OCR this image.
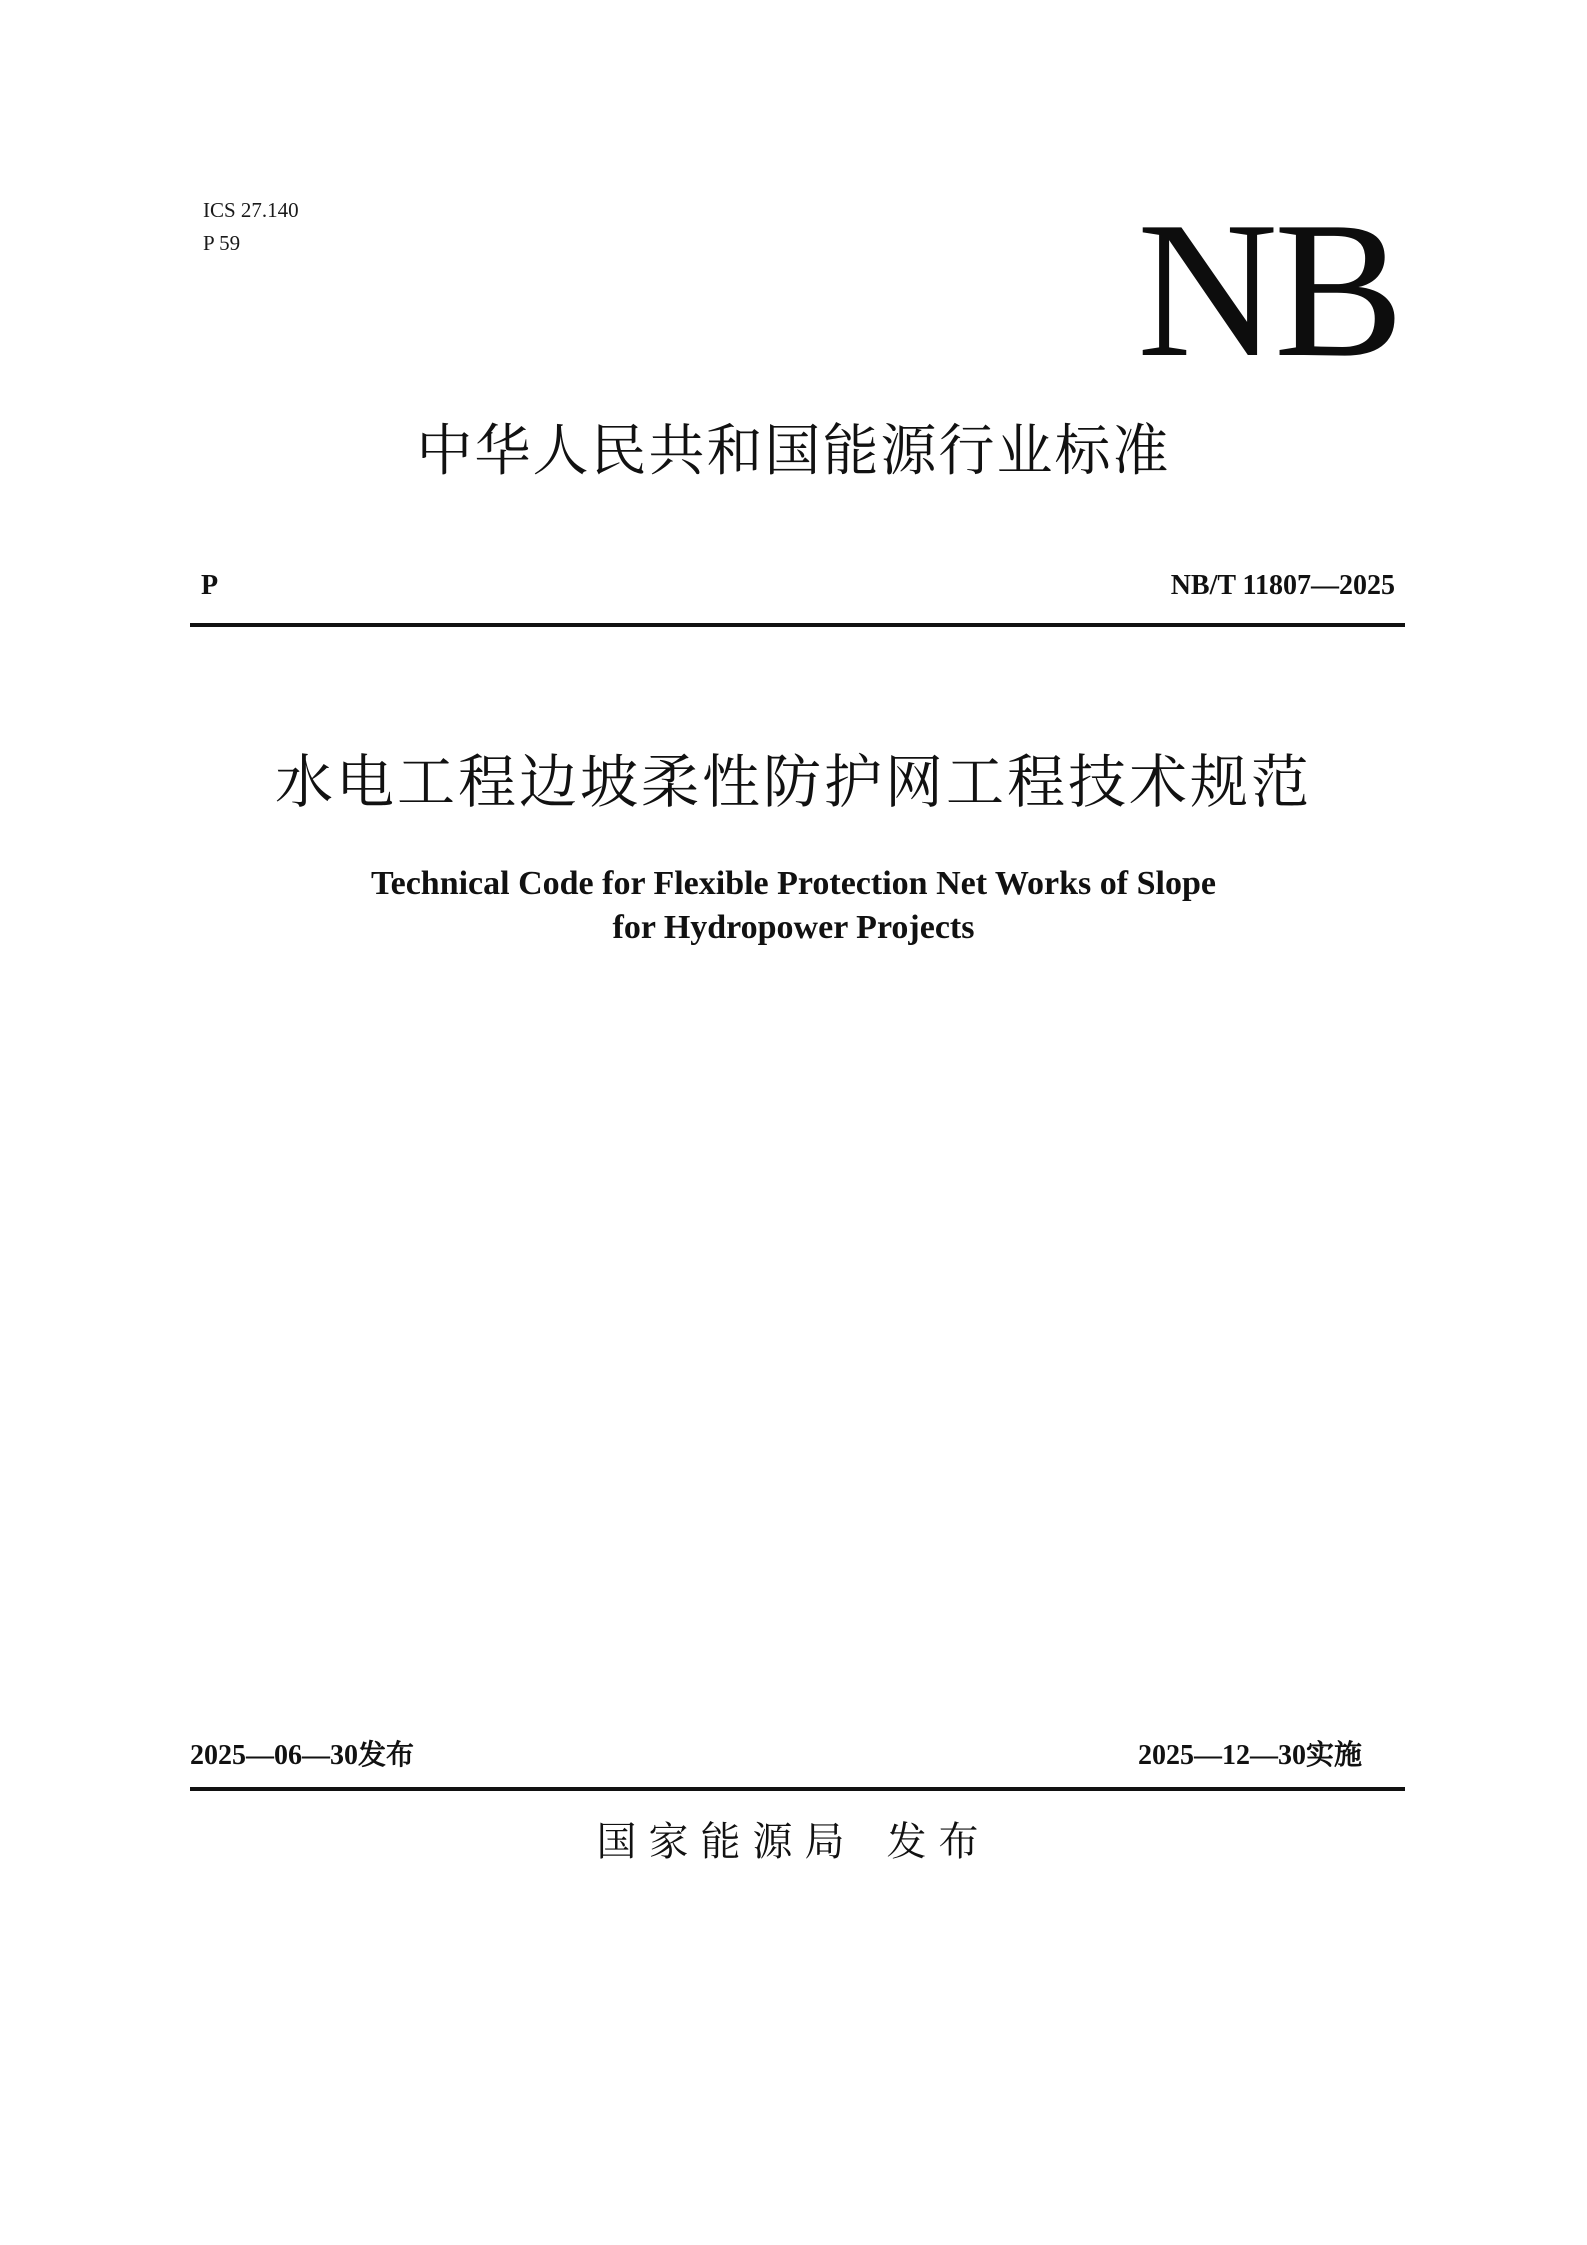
ICS 27.140
P 59	NB
中华人民共和国能源行业标准
P	NB/T 11807—2025
水电工程边坡柔性防护网工程技术规范
Technical Code for Flexible Protection Net Works of Slope
for Hydropower Projects
2025—06—30发布	2025—12—30实施
国家能源局 发布
